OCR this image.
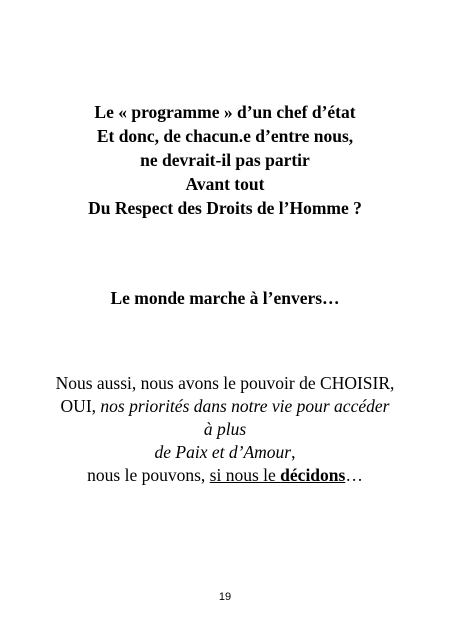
Le « programme » d’un chef d’état
Et donc, de chacun.e d’entre nous,
ne devrait-il pas partir
Avant tout
Du Respect des Droits de l’Homme ?
Le monde marche à l’envers…
Nous aussi, nous avons le pouvoir de CHOISIR,
OUI, nos priorités dans notre vie pour accéder
à plus
de Paix et d’Amour,
nous le pouvons, si nous le décidons…
19
